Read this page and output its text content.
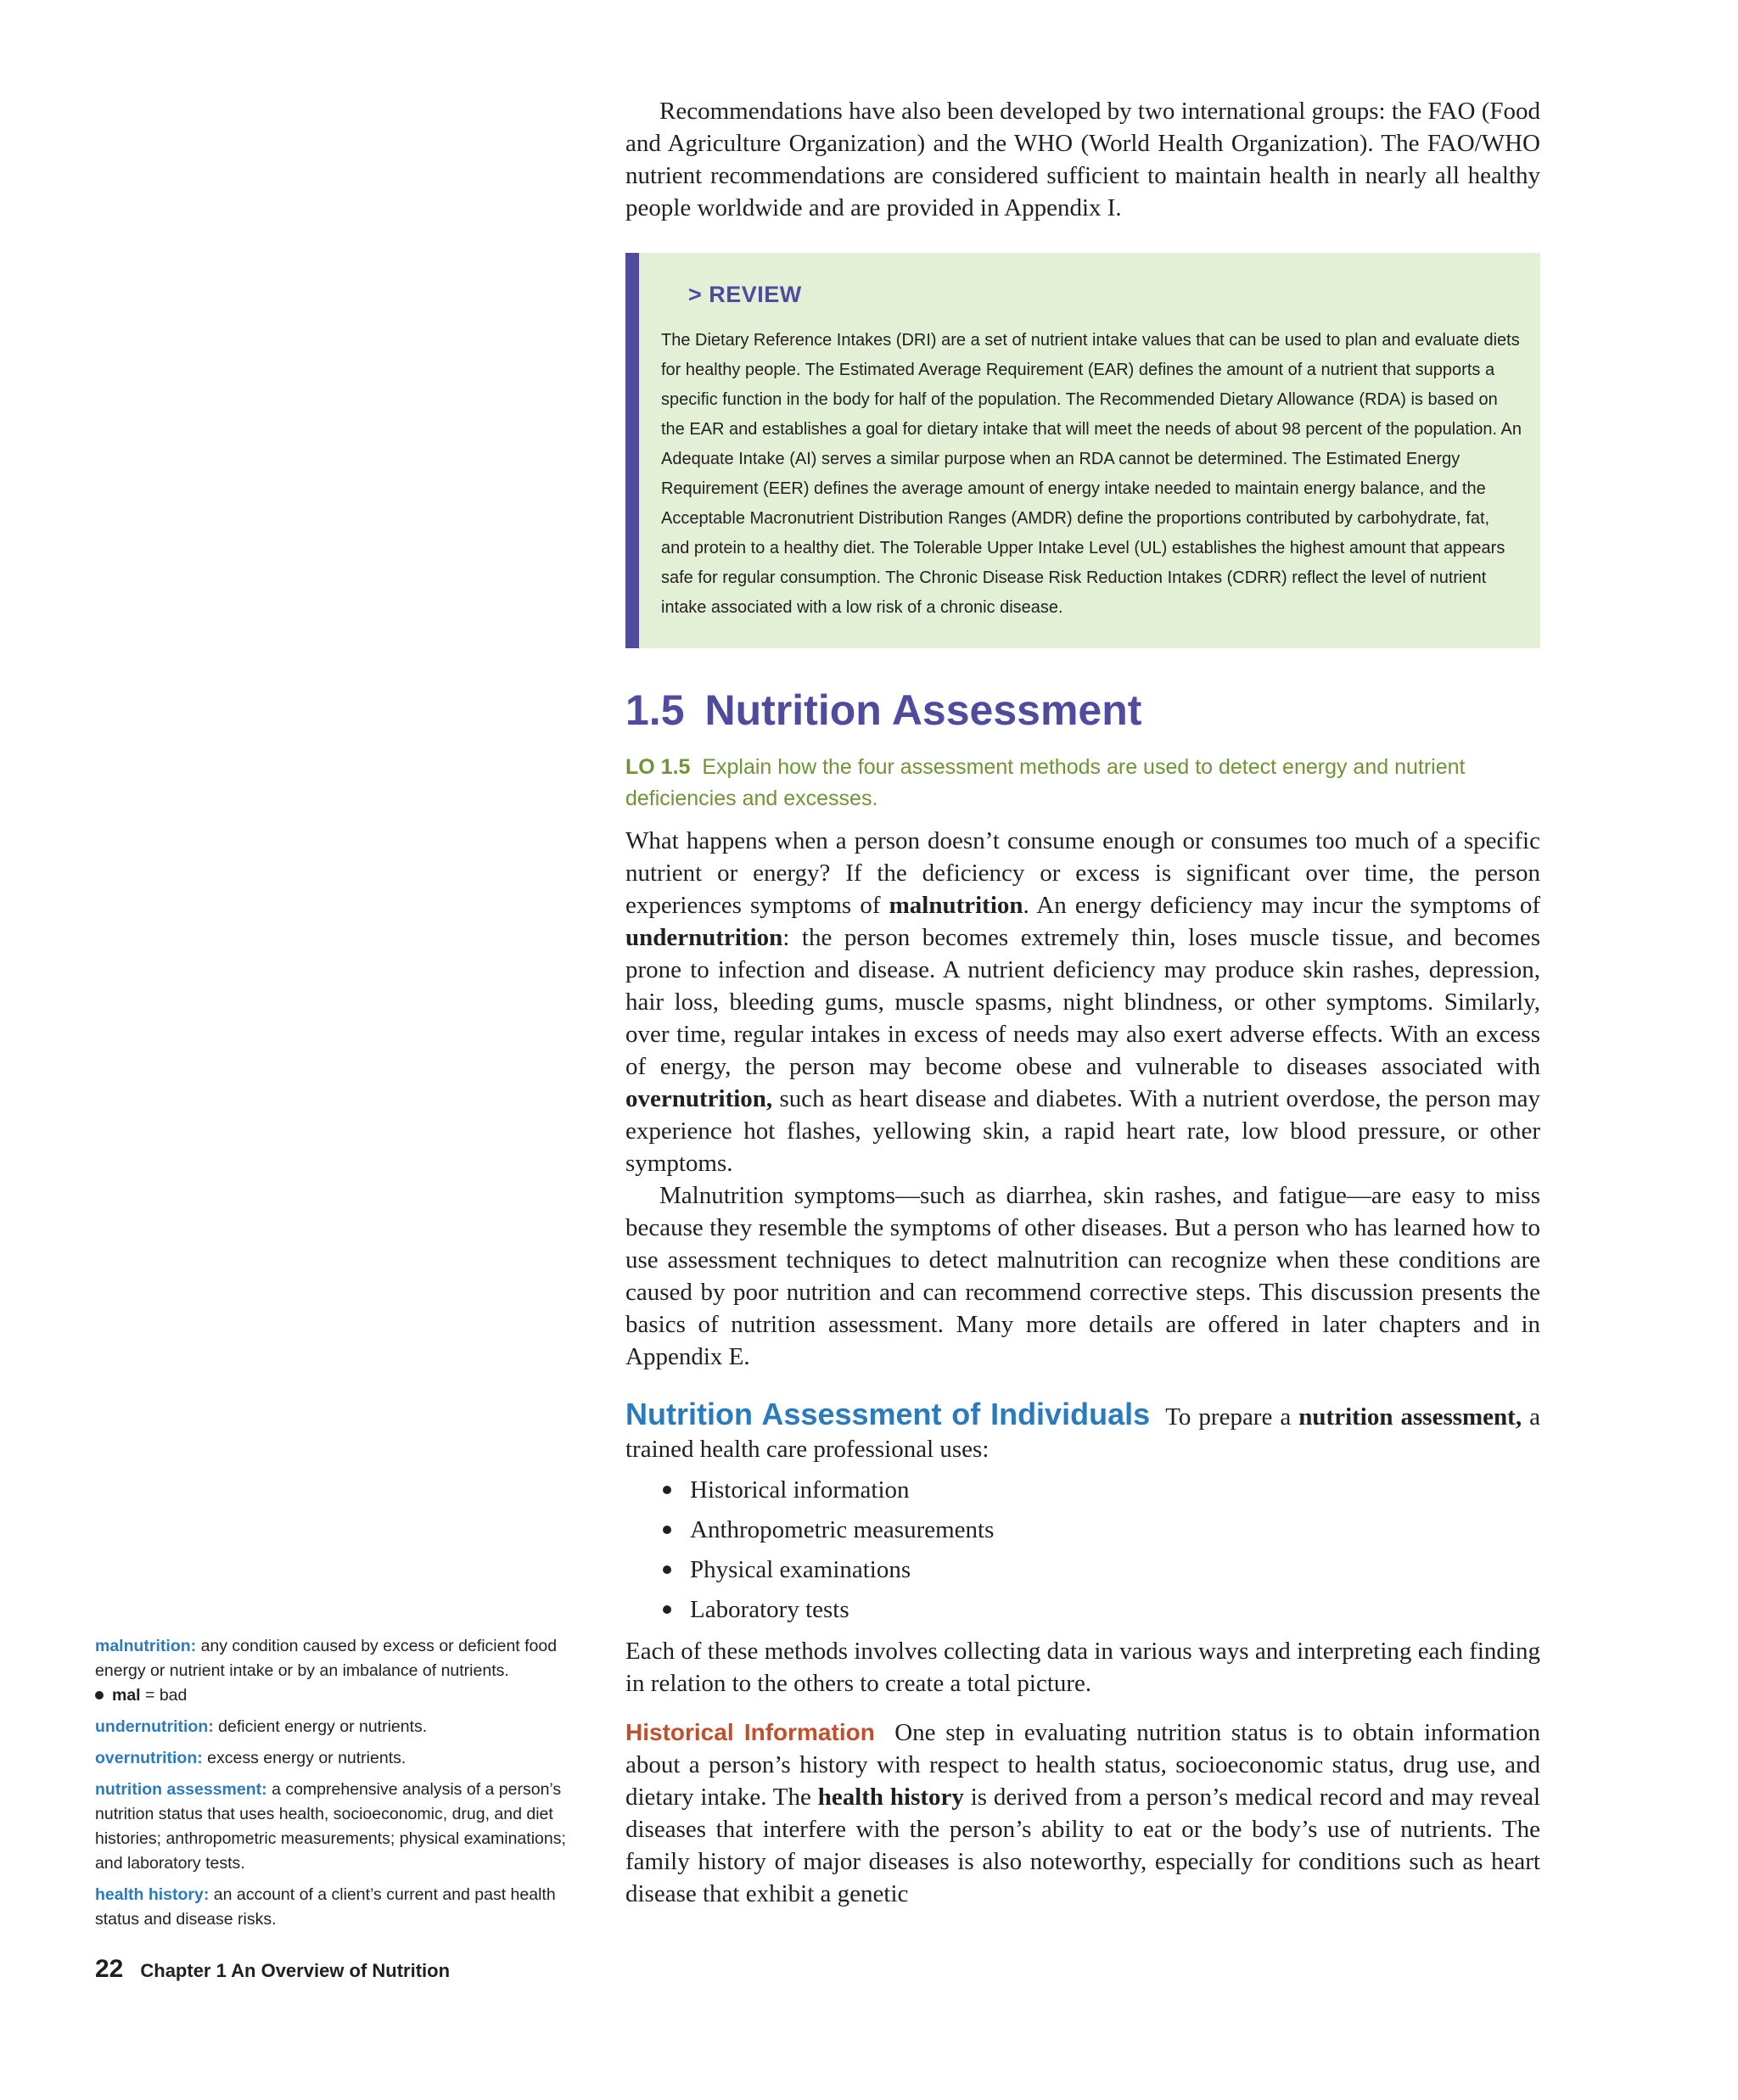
Recommendations have also been developed by two international groups: the FAO (Food and Agriculture Organization) and the WHO (World Health Organization). The FAO/WHO nutrient recommendations are considered sufficient to maintain health in nearly all healthy people worldwide and are provided in Appendix I.

> REVIEW
The Dietary Reference Intakes (DRI) are a set of nutrient intake values that can be used to plan and evaluate diets for healthy people. The Estimated Average Requirement (EAR) defines the amount of a nutrient that supports a specific function in the body for half of the population. The Recommended Dietary Allowance (RDA) is based on the EAR and establishes a goal for dietary intake that will meet the needs of about 98 percent of the population. An Adequate Intake (AI) serves a similar purpose when an RDA cannot be determined. The Estimated Energy Requirement (EER) defines the average amount of energy intake needed to maintain energy balance, and the Acceptable Macronutrient Distribution Ranges (AMDR) define the proportions contributed by carbohydrate, fat, and protein to a healthy diet. The Tolerable Upper Intake Level (UL) establishes the highest amount that appears safe for regular consumption. The Chronic Disease Risk Reduction Intakes (CDRR) reflect the level of nutrient intake associated with a low risk of a chronic disease.
1.5 Nutrition Assessment
LO 1.5 Explain how the four assessment methods are used to detect energy and nutrient deficiencies and excesses.

What happens when a person doesn’t consume enough or consumes too much of a specific nutrient or energy? If the deficiency or excess is significant over time, the person experiences symptoms of malnutrition. An energy deficiency may incur the symptoms of undernutrition: the person becomes extremely thin, loses muscle tissue, and becomes prone to infection and disease. A nutrient deficiency may produce skin rashes, depression, hair loss, bleeding gums, muscle spasms, night blindness, or other symptoms. Similarly, over time, regular intakes in excess of needs may also exert adverse effects. With an excess of energy, the person may become obese and vulnerable to diseases associated with overnutrition, such as heart disease and diabetes. With a nutrient overdose, the person may experience hot flashes, yellowing skin, a rapid heart rate, low blood pressure, or other symptoms.

Malnutrition symptoms—such as diarrhea, skin rashes, and fatigue—are easy to miss because they resemble the symptoms of other diseases. But a person who has learned how to use assessment techniques to detect malnutrition can recognize when these conditions are caused by poor nutrition and can recommend corrective steps. This discussion presents the basics of nutrition assessment. Many more details are offered in later chapters and in Appendix E.

Nutrition Assessment of Individuals To prepare a nutrition assessment, a trained health care professional uses:

Historical information
Anthropometric measurements
Physical examinations
Laboratory tests

Each of these methods involves collecting data in various ways and interpreting each finding in relation to the others to create a total picture.

Historical Information One step in evaluating nutrition status is to obtain information about a person’s history with respect to health status, socioeconomic status, drug use, and dietary intake. The health history is derived from a person’s medical record and may reveal diseases that interfere with the person’s ability to eat or the body’s use of nutrients. The family history of major diseases is also noteworthy, especially for conditions such as heart disease that exhibit a genetic

malnutrition: any condition caused by excess or deficient food energy or nutrient intake or by an imbalance of nutrients.
mal = bad
undernutrition: deficient energy or nutrients.
overnutrition: excess energy or nutrients.
nutrition assessment: a comprehensive analysis of a person’s nutrition status that uses health, socioeconomic, drug, and diet histories; anthropometric measurements; physical examinations; and laboratory tests.
health history: an account of a client’s current and past health status and disease risks.
22 Chapter 1 An Overview of Nutrition
